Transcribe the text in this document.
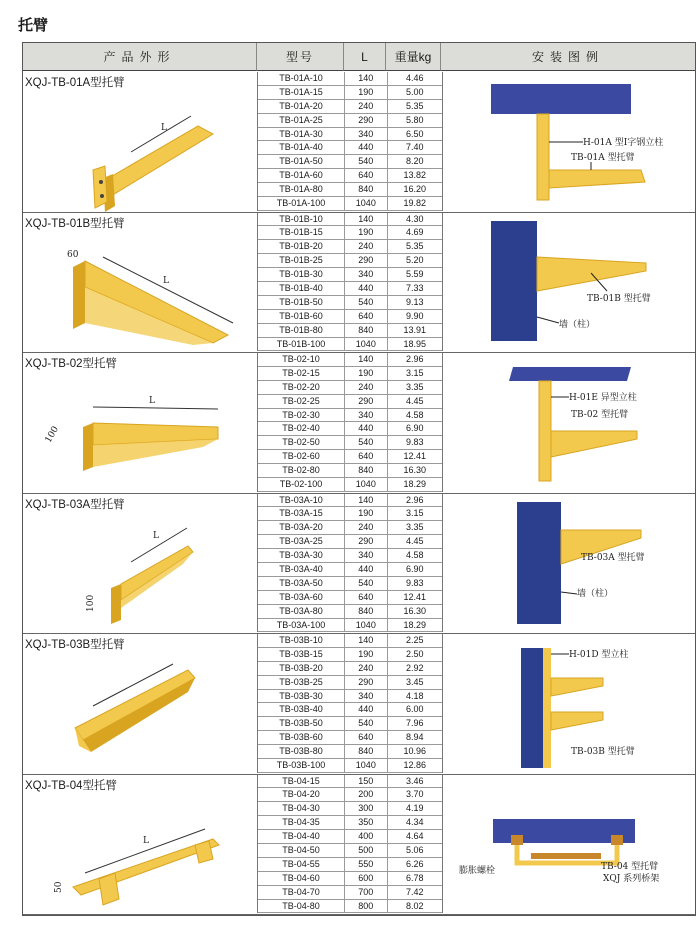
托臂
产品外形	型号	L	重量kg	安装图例
XQJ-TB-01A型托臂
L
TB-01A-10	140	4.46
TB-01A-15	190	5.00
TB-01A-20	240	5.35
TB-01A-25	290	5.80
TB-01A-30	340	6.50
TB-01A-40	440	7.40
TB-01A-50	540	8.20
TB-01A-60	640	13.82
TB-01A-80	840	16.20
TB-01A-100	1040	19.82
H-01A 型I字钢立柱
TB-01A 型托臂
XQJ-TB-01B型托臂
60
L
TB-01B-10	140	4.30
TB-01B-15	190	4.69
TB-01B-20	240	5.35
TB-01B-25	290	5.20
TB-01B-30	340	5.59
TB-01B-40	440	7.33
TB-01B-50	540	9.13
TB-01B-60	640	9.90
TB-01B-80	840	13.91
TB-01B-100	1040	18.95
TB-01B 型托臂
墙（柱）
XQJ-TB-02型托臂
L
100
TB-02-10	140	2.96
TB-02-15	190	3.15
TB-02-20	240	3.35
TB-02-25	290	4.45
TB-02-30	340	4.58
TB-02-40	440	6.90
TB-02-50	540	9.83
TB-02-60	640	12.41
TB-02-80	840	16.30
TB-02-100	1040	18.29
H-01E 异型立柱
TB-02 型托臂
XQJ-TB-03A型托臂
L
100
TB-03A-10	140	2.96
TB-03A-15	190	3.15
TB-03A-20	240	3.35
TB-03A-25	290	4.45
TB-03A-30	340	4.58
TB-03A-40	440	6.90
TB-03A-50	540	9.83
TB-03A-60	640	12.41
TB-03A-80	840	16.30
TB-03A-100	1040	18.29
TB-03A 型托臂
墙（柱）
XQJ-TB-03B型托臂	TB-03B-10	140	2.25
TB-03B-15	190	2.50
TB-03B-20	240	2.92
TB-03B-25	290	3.45
TB-03B-30	340	4.18
TB-03B-40	440	6.00
TB-03B-50	540	7.96
TB-03B-60	640	8.94
TB-03B-80	840	10.96
TB-03B-100	1040	12.86
H-01D 型立柱
TB-03B 型托臂
XQJ-TB-04型托臂
L
50
TB-04-15	150	3.46
TB-04-20	200	3.70
TB-04-30	300	4.19
TB-04-35	350	4.34
TB-04-40	400	4.64
TB-04-50	500	5.06
TB-04-55	550	6.26
TB-04-60	600	6.78
TB-04-70	700	7.42
TB-04-80	800	8.02
膨胀螺栓	TB-04 型托臂
XQJ 系列桥架
